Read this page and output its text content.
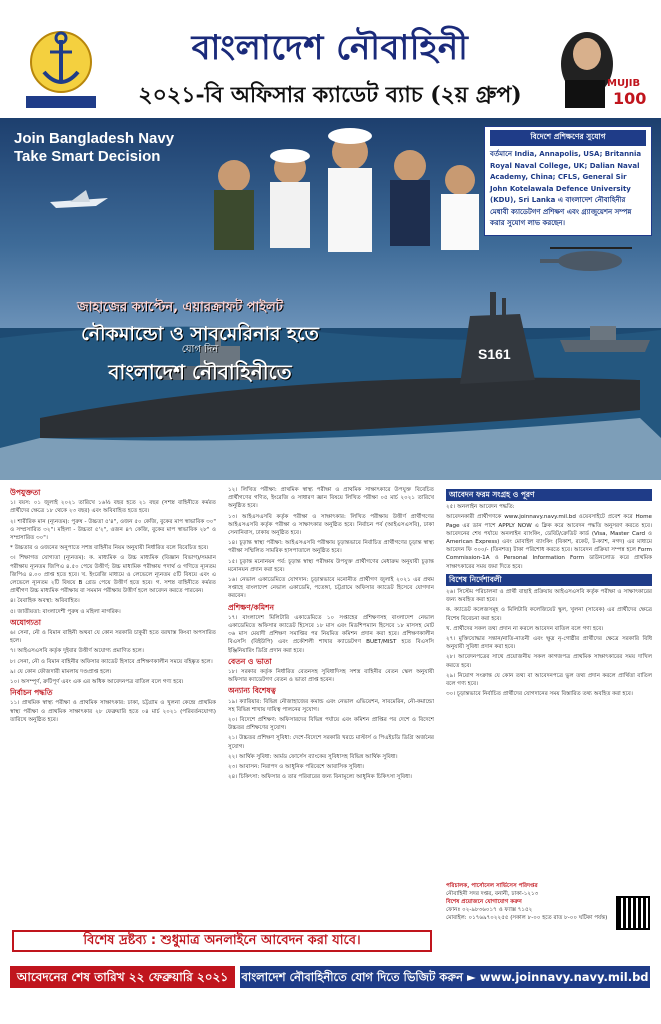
বাংলাদেশ নৌবাহিনী
২০২১-বি অফিসার ক্যাডেট ব্যাচ (২য় গ্রুপ)	MUJIB
100
Join Bangladesh Navy
Take Smart Decision
বিদেশে প্রশিক্ষণের সুযোগ
বর্তমানে India, Annapolis, USA; Britannia Royal Naval College, UK; Dalian Naval Academy, China; CFLS, General Sir John Kotelawala Defence University (KDU), Sri Lanka এ বাংলাদেশ নৌবাহিনীর মেধাবী ক্যাডেটগণ প্রশিক্ষণ এবং গ্র্যাজুয়েশন সম্পন্ন করার সুযোগ লাভ করছেন।
জাহাজের ক্যাপ্টেন, এয়ারক্রাফট পাইলট
নৌকমান্ডো ও সাবমেরিনার হতে
যোগ দিন
বাংলাদেশ নৌবাহিনীতে
S161
উপযুক্ততা
১। বয়স: ০১ জুলাই ২০২১ তারিখে ১৬½ বছর হতে ২১ বছর (সশস্ত্র বাহিনীতে কর্মরত প্রার্থীদের ক্ষেত্রে ১৮ থেকে ২৩ বছর) এবং অবিবাহিত হতে হবে।
২। শারীরিক মান (ন্যূনতম): পুরুষ - উচ্চতা ৫'৪", ওজন ৫০ কেজি, বুকের মাপ স্বাভাবিক ৩০" ও সম্প্রসারিত ৩২"। মহিলা - উচ্চতা ৫'২", ওজন ৪৭ কেজি, বুকের মাপ স্বাভাবিক ২৮" ও সম্প্রসারিত ৩০"।
* উচ্চতার ও ওজনের অনুপাতে সশস্ত্র বাহিনীর নিয়ম অনুযায়ী নির্ধারিত বলে বিবেচিত হবে।
৩। শিক্ষাগত যোগ্যতা (ন্যূনতম): ক. মাধ্যমিক ও উচ্চ মাধ্যমিক (বিজ্ঞান বিভাগ)/সমমান পরীক্ষায় ন্যূনতম জিপিএ ৪.৫০ পেয়ে উত্তীর্ণ; উচ্চ মাধ্যমিক পরীক্ষায় পদার্থ ও গণিতে ন্যূনতম জিপিএ ৪.০০ প্রাপ্ত হতে হবে। খ. ইংরেজি মাধ্যমে ও লেভেলে ন্যূনতম ৫টি বিষয়ে এবং এ লেভেলে ন্যূনতম ২টি বিষয়ে B গ্রেড পেয়ে উত্তীর্ণ হতে হবে। গ. সশস্ত্র বাহিনীতে কর্মরত প্রার্থীগণ উচ্চ মাধ্যমিক পরীক্ষায় বা সমমান পরীক্ষায় উত্তীর্ণ হলে আবেদন করতে পারবেন।
৪। বৈবাহিক অবস্থা: অবিবাহিত।
৫। জাতীয়তা: বাংলাদেশী পুরুষ ও মহিলা নাগরিক।
অযোগ্যতা
৬। সেনা, নৌ ও বিমান বাহিনী অথবা যে কোন সরকারি চাকুরী হতে বরখাস্ত কিংবা অপসারিত হলে।
৭। আইএসএসবি কর্তৃক দুইবার উত্তীর্ণ অযোগ্য প্রমাণিত হলে।
৮। সেনা, নৌ ও বিমান বাহিনীর অফিসার ক্যাডেট হিসাবে প্রশিক্ষণকালীন সময়ে বহিষ্কৃত হলে।
৯। যে কোন ফৌজদারী মামলায় দণ্ডপ্রাপ্ত হলে।
১০। অসম্পূর্ণ, ক্রটিপূর্ণ এবং এক এর অধিক আবেদনপত্র বাতিল বলে গণ্য হবে।
নির্বাচন পদ্ধতি
১১। প্রাথমিক স্বাস্থ্য পরীক্ষা ও প্রাথমিক সাক্ষাৎকার: ঢাকা, চট্টগ্রাম ও খুলনা কেন্দ্রে প্রাথমিক স্বাস্থ্য পরীক্ষা ও প্রাথমিক সাক্ষাৎকার ২৮ ফেব্রুয়ারি হতে ০৪ মার্চ ২০২১ (পরিবর্তনযোগ্য) তারিখে অনুষ্ঠিত হবে।
১২। লিখিত পরীক্ষা: প্রাথমিক স্বাস্থ্য পরীক্ষা ও প্রাথমিক সাক্ষাৎকারে উপযুক্ত বিবেচিত প্রার্থীগণের গণিত, ইংরেজি ও সাধারণ জ্ঞান বিষয়ে লিখিত পরীক্ষা ০৫ মার্চ ২০২১ তারিখে অনুষ্ঠিত হবে।
১৩। আইএসএসবি কর্তৃক পরীক্ষা ও সাক্ষাৎকার: লিখিত পরীক্ষায় উত্তীর্ণ প্রার্থীগণের আইএসএসবি কর্তৃক পরীক্ষা ও সাক্ষাৎকার অনুষ্ঠিত হবে। নির্বাচন পর্ব (আইএসএসবি), ঢাকা সেনানিবাস, ঢাকায় অনুষ্ঠিত হবে।
১৪। চূড়ান্ত স্বাস্থ্য পরীক্ষা: আইএসএসবি পরীক্ষায় চূড়ান্তভাবে নির্বাচিত প্রার্থীগণের চূড়ান্ত স্বাস্থ্য পরীক্ষা সম্মিলিত সামরিক হাসপাতালে অনুষ্ঠিত হবে।
১৫। চূড়ান্ত মনোনয়ন পর্ব: চূড়ান্ত স্বাস্থ্য পরীক্ষায় উপযুক্ত প্রার্থীগণের মেধাক্রম অনুযায়ী চূড়ান্ত মনোনয়ন প্রদান করা হবে।
১৬। নেভাল একাডেমিতে যোগদান: চূড়ান্তভাবে মনোনীত প্রার্থীগণ জুলাই ২০২১ এর প্রথম সপ্তাহে বাংলাদেশ নেভাল একাডেমি, পতেঙ্গা, চট্টগ্রামে অফিসার ক্যাডেট হিসেবে যোগদান করবেন।
প্রশিক্ষণ/কমিশন
১৭। বাংলাদেশ মিলিটারি একাডেমিতে ১০ সপ্তাহের প্রশিক্ষণসহ বাংলাদেশ নেভাল একাডেমিতে অফিসার ক্যাডেট হিসেবে ১৮ মাস এবং মিডশিপম্যান হিসেবে ১৮ মাসসহ মোট ৩৬ মাস মেয়াদী প্রশিক্ষণ সমাপ্তির পর নিয়মিত কমিশন প্রদান করা হবে। প্রশিক্ষণকালীন বিএসসি (বিইউপি) এবং প্রকৌশলী শাখার ক্যাডেটগণ BUET/MIST হতে বিএসসি ইঞ্জিনিয়ারিং ডিগ্রি প্রদান করা হবে।
বেতন ও ভাতা
১৮। সরকার কর্তৃক নির্ধারিত বেতনসহ সুবিধাদিসহ সশস্ত্র বাহিনীর বেতন স্কেল অনুযায়ী অফিসার ক্যাডেটগণ বেতন ও ভাতা প্রাপ্ত হবেন।
অন্যান্য বিশেষত্ব
১৯। ক্যারিয়ার: বিভিন্ন নৌজাহাজের কমান্ড এবং নেভাল এভিয়েশন, সাবমেরিন, নৌ-কমান্ডো সহ বিভিন্ন শাখায় দায়িত্ব পালনের সুযোগ।
২০। বিদেশে প্রশিক্ষণ: অফিসারদের বিভিন্ন পর্যায়ে এবং কমিশন প্রাপ্তির পর দেশে ও বিদেশে উচ্চতর প্রশিক্ষণের সুযোগ।
২১। উচ্চতর প্রশিক্ষণ সুবিধা: দেশে-বিদেশে সরকারি খরচে মাস্টার্স ও পিএইচডি ডিগ্রি অর্জনের সুযোগ।
২২। আর্থিক সুবিধা: আর্মড ফোর্সেস ব্যাংকের সুবিধাসহ বিভিন্ন আর্থিক সুবিধা।
২৩। আবাসন: নিরাপদ ও আধুনিক পরিবেশে আবাসিক সুবিধা।
২৪। চিকিৎসা: অফিসার ও তার পরিবারের জন্য বিনামূল্যে আধুনিক চিকিৎসা সুবিধা।
আবেদন ফরম সংগ্রহ ও পূরণ
২৫। অনলাইন আবেদন পদ্ধতি:
আবেদনকারী প্রার্থীগণকে www.joinnavy.navy.mil.bd ওয়েবসাইটে প্রবেশ করে Home Page এর ডান পাশে APPLY NOW এ ক্লিক করে আবেদন পদ্ধতি অনুসরণ করতে হবে। আবেদনের শেষ পর্যায়ে অনলাইন ব্যাংকিং, ডেবিট/ক্রেডিট কার্ড (Visa, Master Card ও American Express) এবং মোবাইল ব্যাংকিং (বিকাশ, রকেট, ট-ক্যাশ, নগদ) এর মাধ্যমে আবেদন ফি ৩০০/- (তিনশত) টাকা পরিশোধ করতে হবে। আবেদন প্রক্রিয়া সম্পন্ন হলে Form Commission-1A ও Personal Information Form ডাউনলোড করে প্রাথমিক সাক্ষাৎকারের সময় জমা দিতে হবে।
বিশেষ নির্দেশাবলী
২৬। সিস্টেম পরিচালনা ও প্রার্থী বাছাই প্রক্রিয়ায় আইএসএসবি কর্তৃক পরীক্ষা ও সাক্ষাৎকারের জন্য অবহিত করা হবে।
ক. ক্যাডেট কলেজসমূহ ও মিলিটারি কলেজিয়েট স্কুল, খুলনা (সাবেক) এর প্রার্থীদের ক্ষেত্রে বিশেষ বিবেচনা করা হবে।
খ. প্রার্থীদের সকল তথ্য প্রদান না করলে আবেদন বাতিল বলে গণ্য হবে।
২৭। মুক্তিযোদ্ধার সন্তান/নাতি-নাতনী এবং ক্ষুদ্র নৃ-গোষ্ঠীর প্রার্থীদের ক্ষেত্রে সরকারি বিধি অনুযায়ী সুবিধা প্রদান করা হবে।
২৮। আবেদনপত্রের সাথে প্রয়োজনীয় সকল কাগজপত্র প্রাথমিক সাক্ষাৎকারের সময় দাখিল করতে হবে।
২৯। নিয়োগ সংক্রান্ত যে কোন তথ্য বা আবেদনপত্রে ভুল তথ্য প্রদান করলে প্রার্থিতা বাতিল বলে গণ্য হবে।
৩০। চূড়ান্তভাবে নির্বাচিত প্রার্থীদের যোগদানের সময় বিস্তারিত তথ্য অবহিত করা হবে।
পরিচালক, পার্সোনেল সার্ভিসেস পরিদপ্তর
নৌবাহিনী সদর দপ্তর, বনানী, ঢাকা-১২১৩
বিশেষ প্রয়োজনে যোগাযোগ করুন
ফোনঃ ০২-৯৮৩৬০১৭ ও ফ্যাক্স ৭১৫২
মোবাইল: ০১৭৬৯৭০২২৫৫ (সকাল ৮-০০ হতে রাত ৮-০০ ঘটিকা পর্যন্ত)
বিশেষ দ্রষ্টব্য : শুধুমাত্র অনলাইনে আবেদন করা যাবে।
আবেদনের শেষ তারিখ ২২ ফেব্রুয়ারি ২০২১	বাংলাদেশ নৌবাহিনীতে যোগ দিতে ভিজিট করুন ► www.joinnavy.navy.mil.bd
